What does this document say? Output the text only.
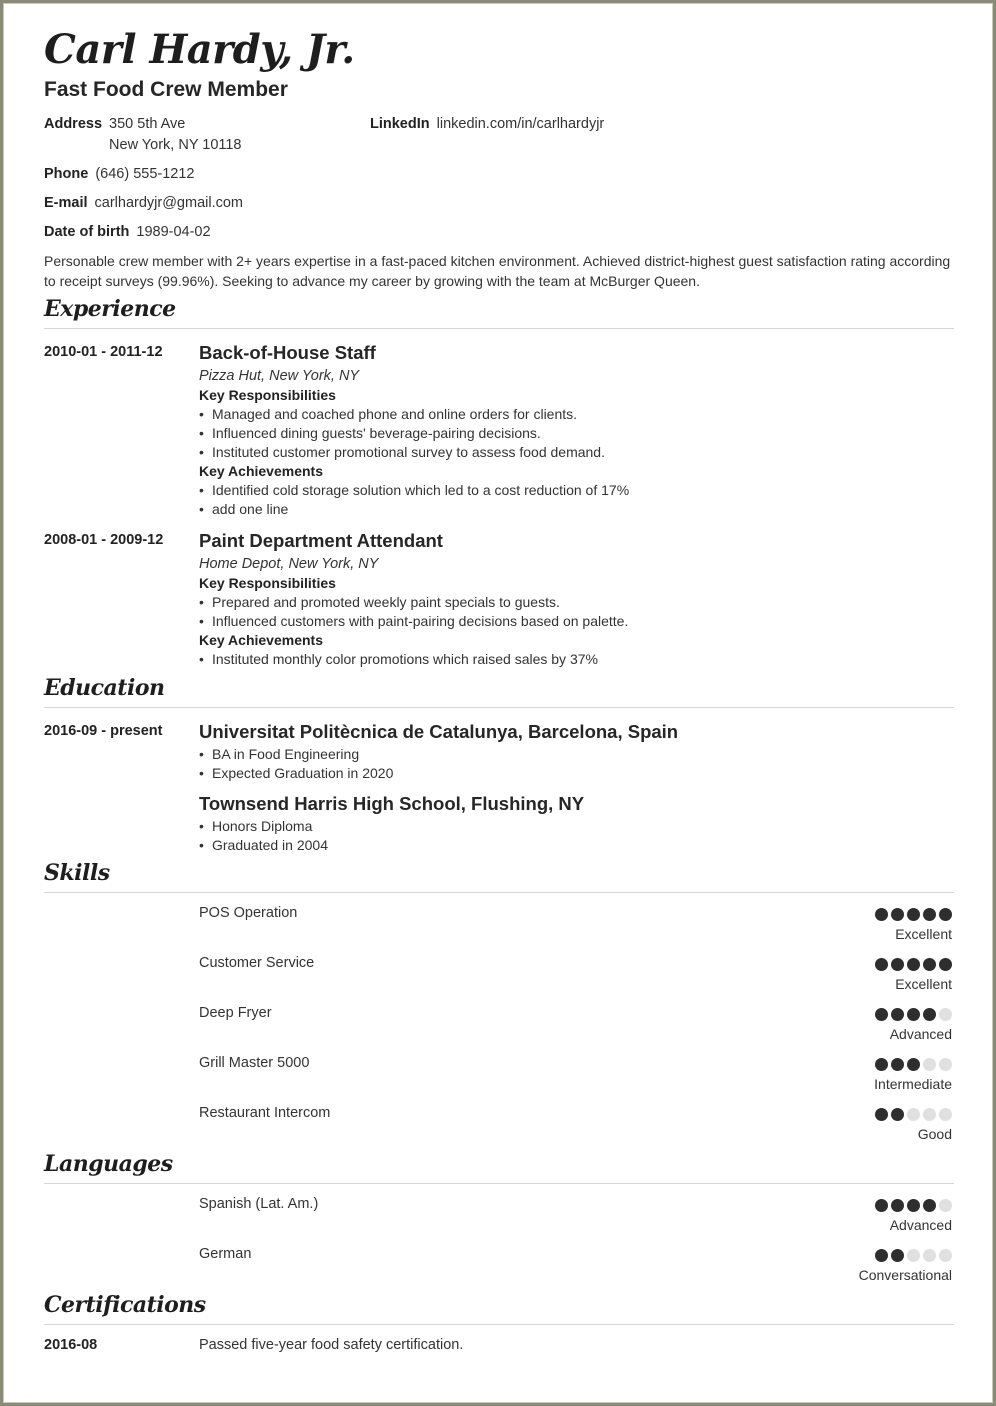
Carl Hardy, Jr.
Fast Food Crew Member
Address 350 5th Ave
New York, NY 10118
LinkedIn linkedin.com/in/carlhardyjr
Phone (646) 555-1212
E-mail carlhardyjr@gmail.com
Date of birth 1989-04-02
Personable crew member with 2+ years expertise in a fast-paced kitchen environment. Achieved district-highest guest satisfaction rating according to receipt surveys (99.96%). Seeking to advance my career by growing with the team at McBurger Queen.
Experience
2010-01 - 2011-12 Back-of-House Staff
Pizza Hut, New York, NY
Key Responsibilities
• Managed and coached phone and online orders for clients.
• Influenced dining guests' beverage-pairing decisions.
• Instituted customer promotional survey to assess food demand.
Key Achievements
• Identified cold storage solution which led to a cost reduction of 17%
• add one line
2008-01 - 2009-12 Paint Department Attendant
Home Depot, New York, NY
Key Responsibilities
• Prepared and promoted weekly paint specials to guests.
• Influenced customers with paint-pairing decisions based on palette.
Key Achievements
• Instituted monthly color promotions which raised sales by 37%
Education
2016-09 - present Universitat Politècnica de Catalunya, Barcelona, Spain
• BA in Food Engineering
• Expected Graduation in 2020
Townsend Harris High School, Flushing, NY
• Honors Diploma
• Graduated in 2004
Skills
POS Operation
Excellent
Customer Service
Excellent
Deep Fryer
Advanced
Grill Master 5000
Intermediate
Restaurant Intercom
Good
Languages
Spanish (Lat. Am.)
Advanced
German
Conversational
Certifications
2016-08	Passed five-year food safety certification.
